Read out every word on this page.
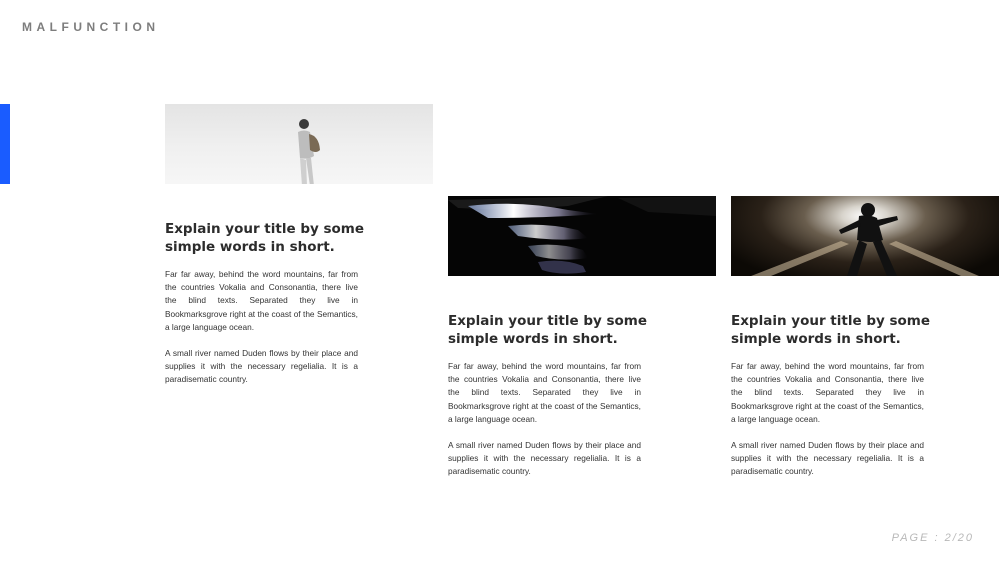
MALFUNCTION
Explain your title by some simple words in short.

Far far away, behind the word mountains, far from the countries Vokalia and Consonantia, there live the blind texts. Separated they live in Bookmarksgrove right at the coast of the Semantics, a large language ocean.

A small river named Duden flows by their place and supplies it with the necessary regelialia. It is a paradisematic country.

Explain your title by some simple words in short.

Far far away, behind the word mountains, far from the countries Vokalia and Consonantia, there live the blind texts. Separated they live in Bookmarksgrove right at the coast of the Semantics, a large language ocean.

A small river named Duden flows by their place and supplies it with the necessary regelialia. It is a paradisematic country.

Explain your title by some simple words in short.

Far far away, behind the word mountains, far from the countries Vokalia and Consonantia, there live the blind texts. Separated they live in Bookmarksgrove right at the coast of the Semantics, a large language ocean.

A small river named Duden flows by their place and supplies it with the necessary regelialia. It is a paradisematic country.

PAGE : 2/20
